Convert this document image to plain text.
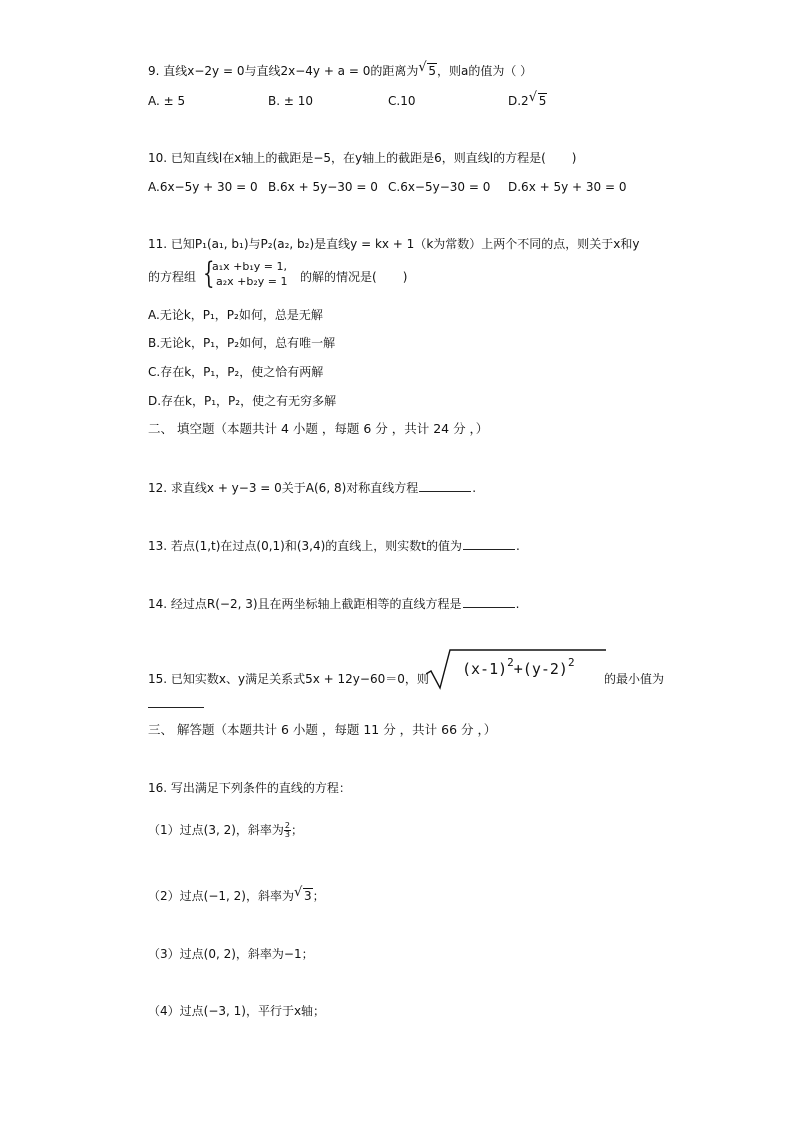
9. 直线x−2y = 0与直线2x−4y + a = 0的距离为 √ 5，则a的值为（ ）
A. ± 5	B. ± 10	C.10	D.2 √ 5
10. 已知直线l在x轴上的截距是−5，在y轴上的截距是6，则直线l的方程是( )
A.6x−5y + 30 = 0 B.6x + 5y−30 = 0 C.6x−5y−30 = 0 D.6x + 5y + 30 = 0
11. 已知P₁(a₁, b₁)与P₂(a₂, b₂)是直线y = kx + 1（k为常数）上两个不同的点，则关于x和y
的方程组 {
a₁x +b₁y = 1,
a₂x +b₂y = 1 的解的情况是( )
A.无论k，P₁，P₂如何，总是无解
B.无论k，P₁，P₂如何，总有唯一解
C.存在k，P₁，P₂，使之恰有两解
D.存在k，P₁，P₂，使之有无穷多解
二、 填空题（本题共计 4 小题 ，每题 6 分 ，共计 24 分 ，）
12. 求直线x + y−3 = 0关于A(6, 8)对称直线方程	.
13. 若点(1,t)在过点(0,1)和(3,4)的直线上，则实数t的值为	.
14. 经过点R(−2, 3)且在两坐标轴上截距相等的直线方程是	.
15. 已知实数x、y满足关系式5x + 12y−60＝0，则
$(x-1)^2+(y-2)^2$
的最小值为
三、 解答题（本题共计 6 小题 ，每题 11 分 ，共计 66 分 ，）
16. 写出满足下列条件的直线的方程：
（1）过点(3, 2)，斜率为 $\frac{2}{3}$ ；
（2）过点(−1, 2)，斜率为 √ 3；
（3）过点(0, 2)，斜率为−1；
（4）过点(−3, 1)，平行于x轴；
